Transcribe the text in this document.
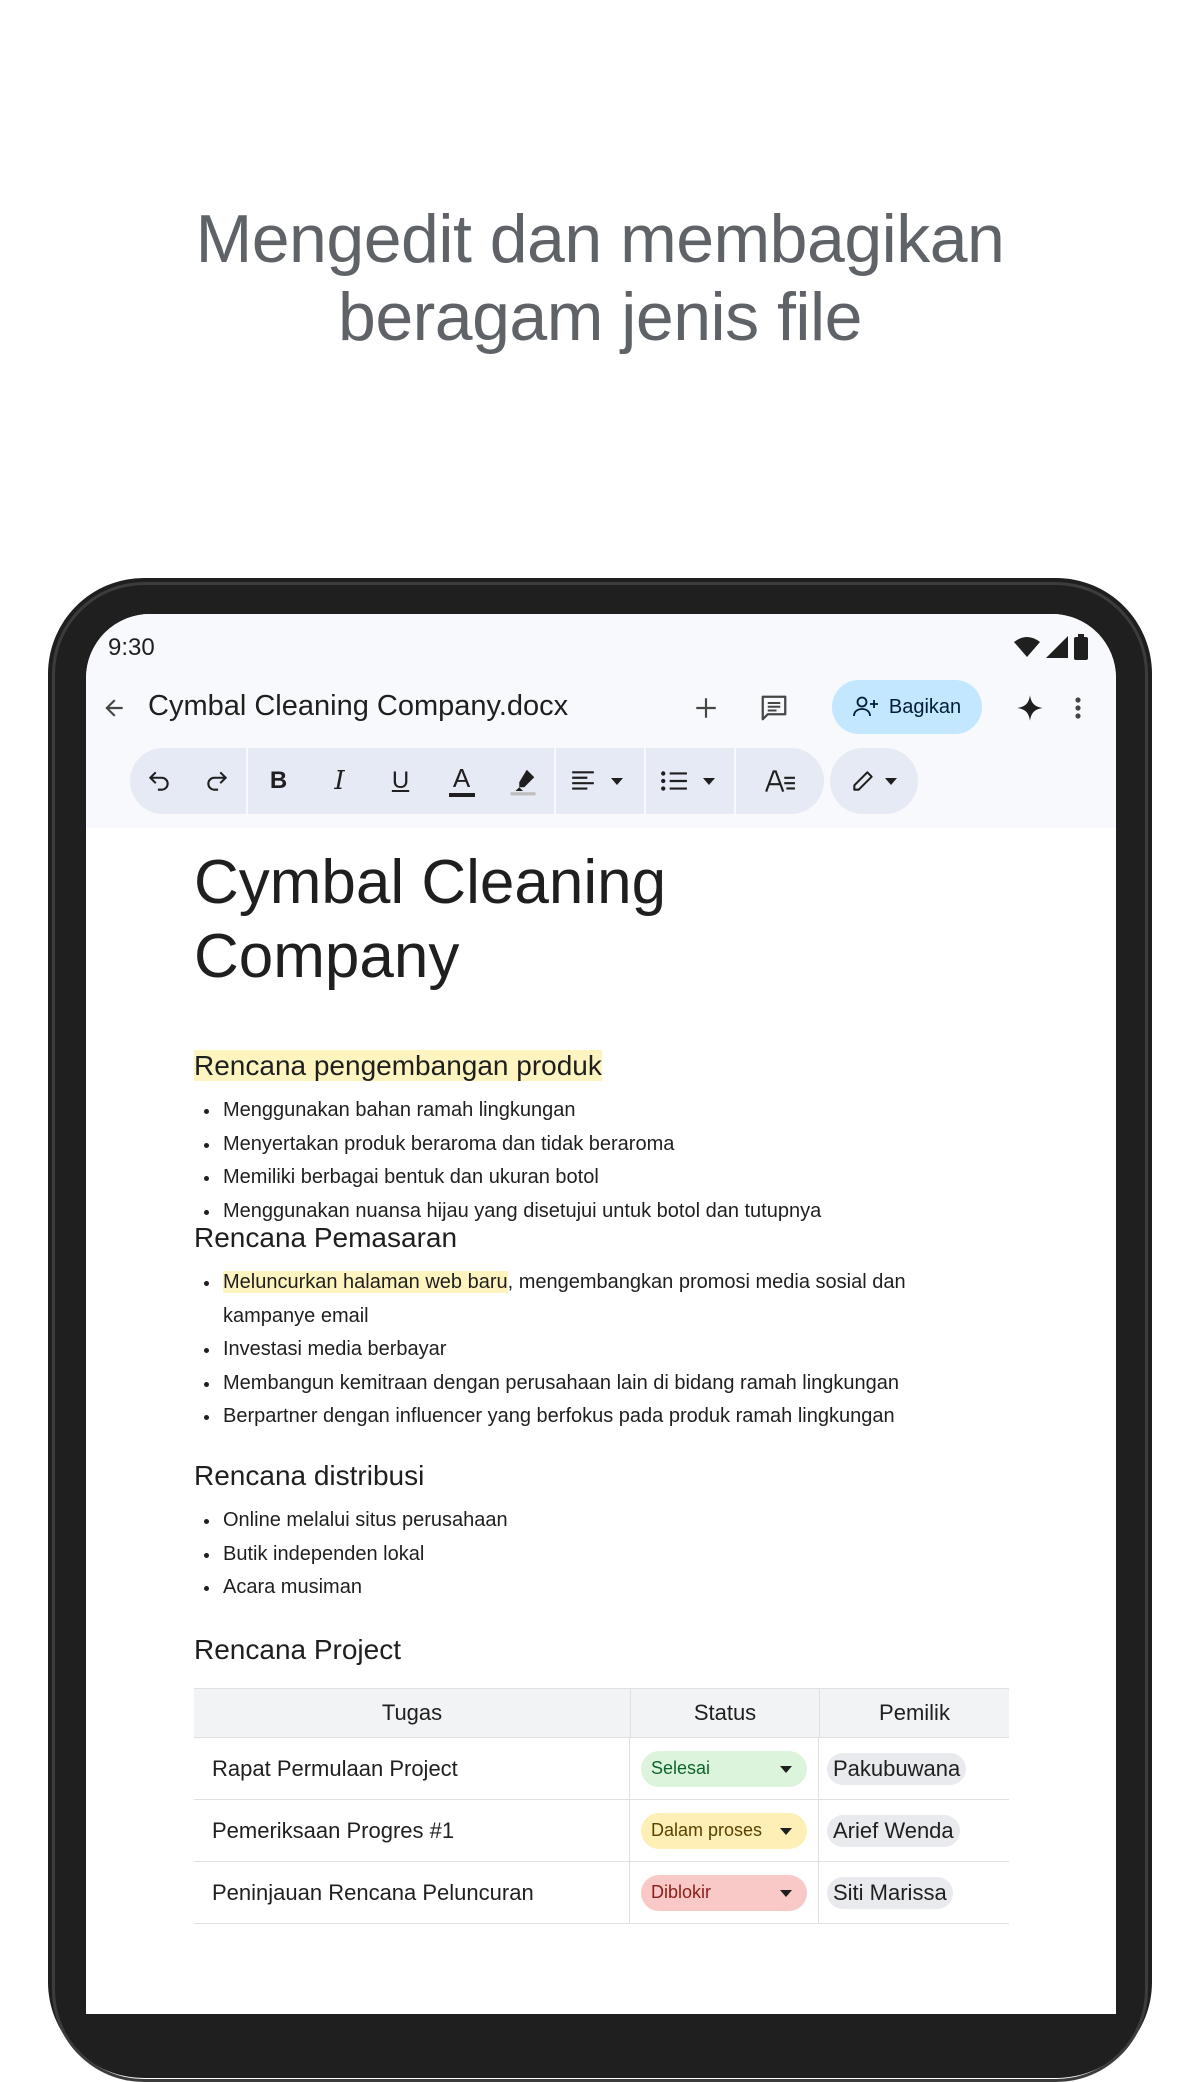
Mengedit dan membagikan
beragam jenis file
9:30
Cymbal Cleaning Company.docx	Bagikan
B	I	U	A
Cymbal Cleaning Company
Rencana pengembangan produk
Menggunakan bahan ramah lingkungan
Menyertakan produk beraroma dan tidak beraroma
Memiliki berbagai bentuk dan ukuran botol
Menggunakan nuansa hijau yang disetujui untuk botol dan tutupnya
Rencana Pemasaran
Meluncurkan halaman web baru, mengembangkan promosi media sosial dan kampanye email
Investasi media berbayar
Membangun kemitraan dengan perusahaan lain di bidang ramah lingkungan
Berpartner dengan influencer yang berfokus pada produk ramah lingkungan
Rencana distribusi
Online melalui situs perusahaan
Butik independen lokal
Acara musiman
Rencana Project
Tugas	Status	Pemilik
Rapat Permulaan Project	Selesai	Pakubuwana
Pemeriksaan Progres #1	Dalam proses	Arief Wenda
Peninjauan Rencana Peluncuran	Diblokir	Siti Marissa
